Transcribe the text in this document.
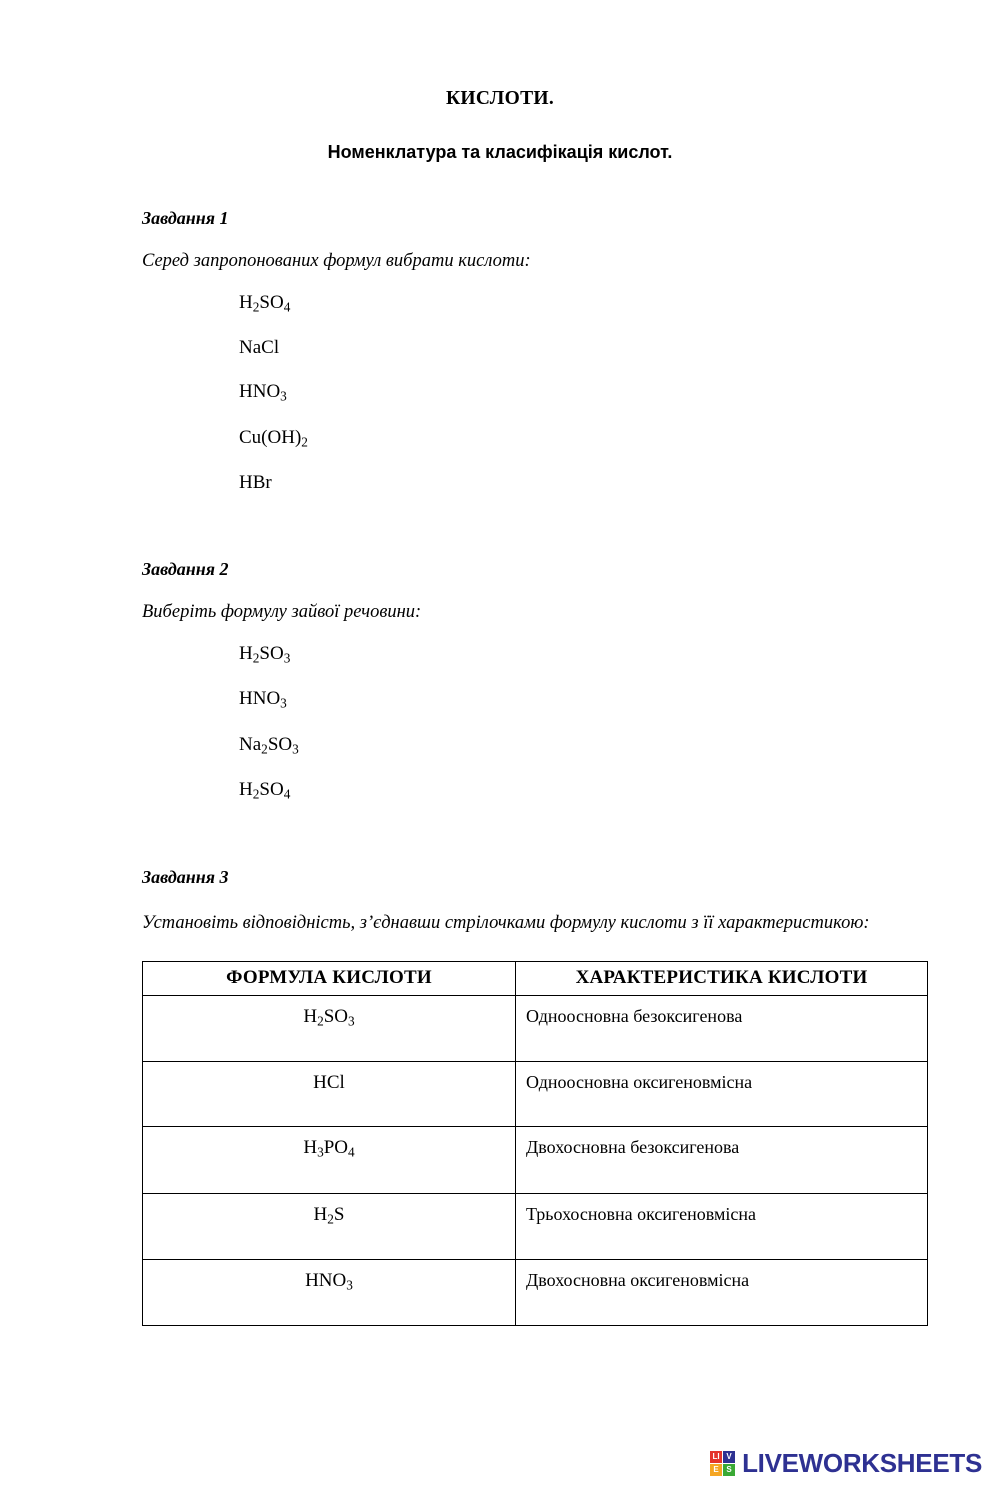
КИСЛОТИ.
Номенклатура та класифікація кислот.
Завдання 1
Серед запропонованих формул вибрати кислоти:
$H_2SO_4$
NaCl
$HNO_3$
$Cu(OH)_2$
HBr
Завдання 2
Виберіть формулу зайвої речовини:
$H_2SO_3$
$HNO_3$
$Na_2SO_3$
$H_2SO_4$
Завдання 3
Установіть відповідність, з’єднавши стрілочками формулу кислоти з її характеристикою:
ФОРМУЛА КИСЛОТИ	ХАРАКТЕРИСТИКА КИСЛОТИ

$H_2SO_3$	Одноосновна безоксигенова

HCl	Одноосновна оксигеновмісна

$H_3PO_4$	Двохосновна безоксигенова

$H_2S$	Трьохосновна оксигеновмісна

$HNO_3$	Двохосновна оксигеновмісна
LI V
E S LIVEWORKSHEETS
